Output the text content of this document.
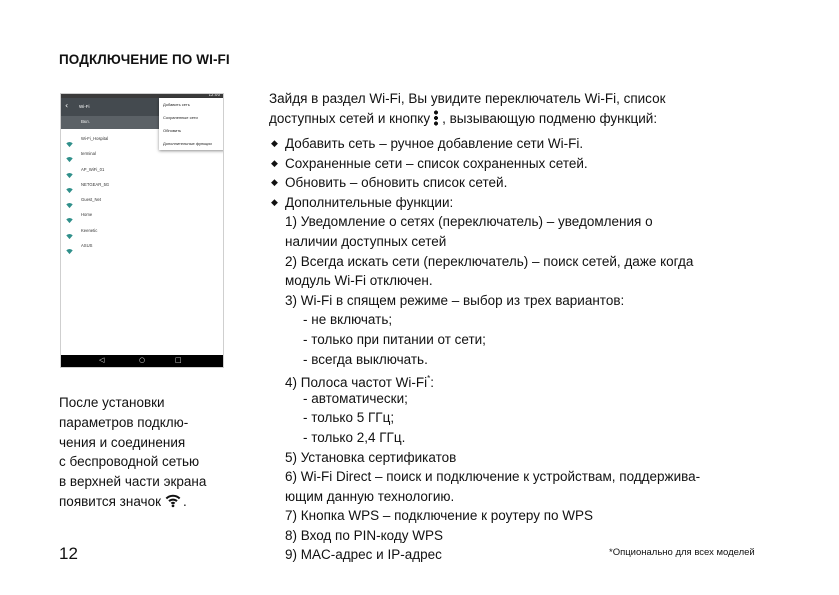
ПОДКЛЮЧЕНИЕ ПО WI-FI
12:00
‹ Wi-Fi
Вкл.
Wi-Fi_Hospital
terminal
AP_WiFi_01
NETGEAR_5G
Guest_Net
Home
Keenetic
ASUS
Добавить сеть
Сохраненные сети
Обновить
Дополнительные функции
◁	○	□
После установки
параметров подклю-
чения и соединения
с беспроводной сетью
в верхней части экрана
появится значок .
Зайдя в раздел Wi-Fi, Вы увидите переключатель Wi-Fi, список
доступных сетей и кнопку , вызывающую подменю функций:
◆ Добавить сеть – ручное добавление сети Wi-Fi.
◆ Сохраненные сети – список сохраненных сетей.
◆ Обновить – обновить список сетей.
◆ Дополнительные функции:
1) Уведомление о сетях (переключатель) – уведомления о
наличии доступных сетей
2) Всегда искать сети (переключатель) – поиск сетей, даже когда
модуль Wi-Fi отключен.
3) Wi-Fi в спящем режиме – выбор из трех вариантов:
- не включать;
- только при питании от сети;
- всегда выключать.
4) Полоса частот Wi-Fi*:
- автоматически;
- только 5 ГГц;
- только 2,4 ГГц.
5) Установка сертификатов
6) Wi-Fi Direct – поиск и подключение к устройствам, поддержива-
ющим данную технологию.
7) Кнопка WPS – подключение к роутеру по WPS
8) Вход по PIN-коду WPS
9) MAC-адрес и IP-адрес
12	*Опционально для всех моделей
